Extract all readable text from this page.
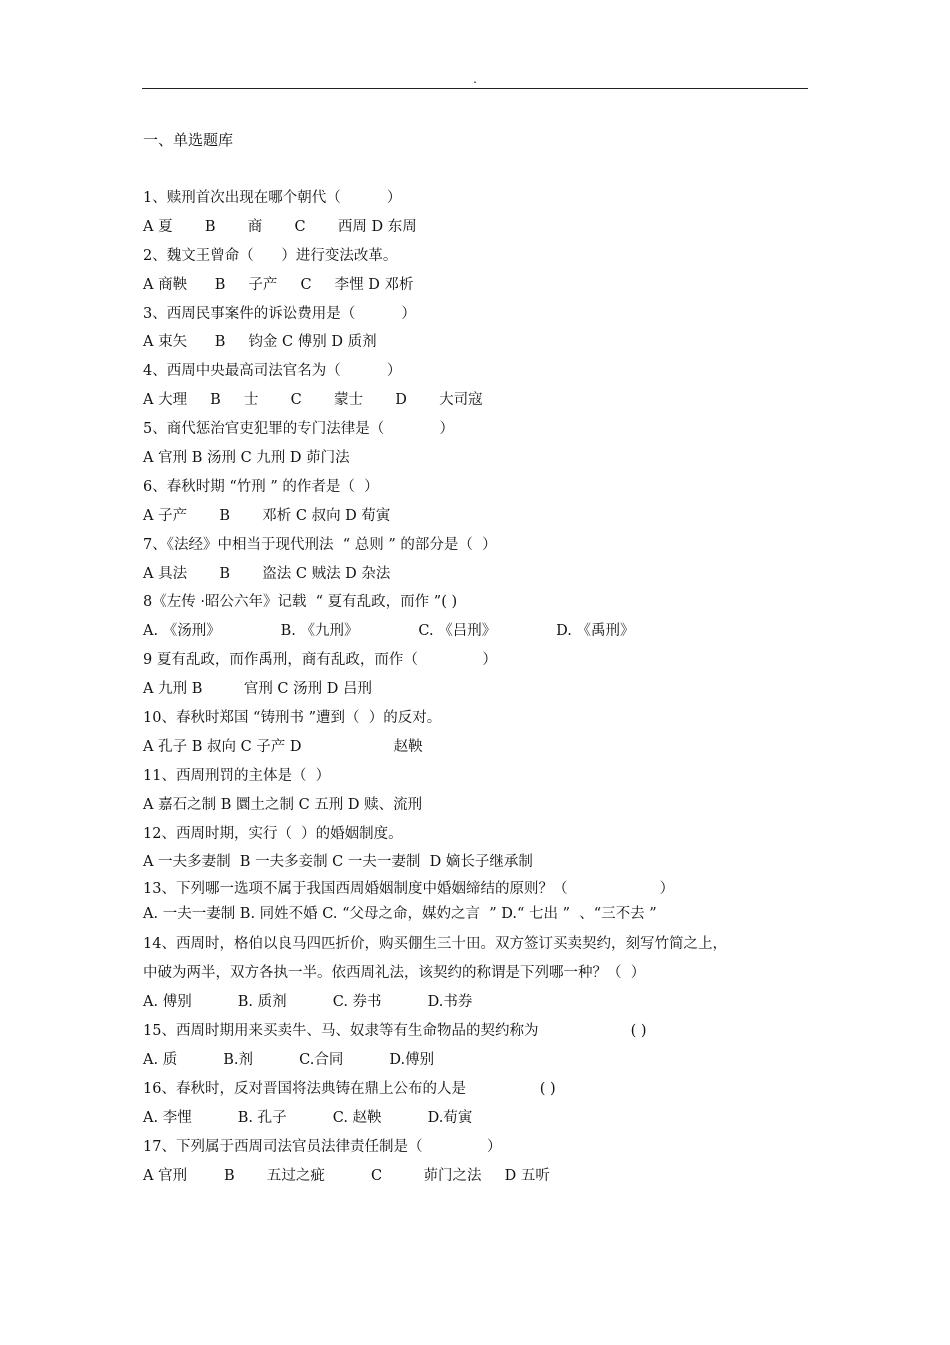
.
一、单选题库
1、赎刑首次出现在哪个朝代（          ）
A 夏       B       商       C       西周 D 东周
2、魏文王曾命（      ）进行变法改革。
A 商鞅      B     子产     C     李悝 D 邓析
3、西周民事案件的诉讼费用是（          ）
A 束矢      B     钧金 C 傅别 D 质剂
4、西周中央最高司法官名为（          ）
A 大理     B     士       C       蒙士       D       大司寇
5、商代惩治官吏犯罪的专门法律是（            ）
A 官刑 B 汤刑 C 九刑 D 茆门法
6、春秋时期 “竹刑 ” 的作者是（  ）
A 子产       B       邓析 C 叔向 D 荀寅
7、《法经》中相当于现代刑法  “ 总则 ” 的部分是（  ）
A 具法       B       盗法 C 贼法 D 杂法
8《左传 ·昭公六年》记载  “ 夏有乱政，而作 ”( )
A. 《汤刑》             B. 《九刑》             C. 《吕刑》             D. 《禹刑》
9 夏有乱政，而作禹刑，商有乱政，而作（              ）
A 九刑 B         官刑 C 汤刑 D 吕刑
10、春秋时郑国 “铸刑书 ”遭到（  ）的反对。
A 孔子 B 叔向 C 子产 D                    赵鞅
11、西周刑罚的主体是（  ）
A 嘉石之制 B 圜土之制 C 五刑 D 赎、流刑
12、西周时期，实行（  ）的婚姻制度。
A 一夫多妻制  B 一夫多妾制 C 一夫一妻制  D 嫡长子继承制
13、下列哪一选项不属于我国西周婚姻制度中婚姻缔结的原则？（                    ）
A. 一夫一妻制 B. 同姓不婚 C. “父母之命，媒妁之言  ” D.“ 七出 ”  、“三不去 ”
14、西周时，格伯以良马四匹折价，购买倗生三十田。双方签订买卖契约，刻写竹简之上，
中破为两半，双方各执一半。依西周礼法，该契约的称谓是下列哪一种？（  ）
A. 傅别          B. 质剂          C. 券书          D.书券
15、西周时期用来买卖牛、马、奴隶等有生命物品的契约称为                    ( )
A. 质          B.剂          C.合同          D.傅别
16、春秋时，反对晋国将法典铸在鼎上公布的人是                ( )
A. 李悝          B. 孔子          C. 赵鞅          D.荀寅
17、下列属于西周司法官员法律责任制是（              ）
A 官刑        B       五过之疵          C         茆门之法     D 五听
